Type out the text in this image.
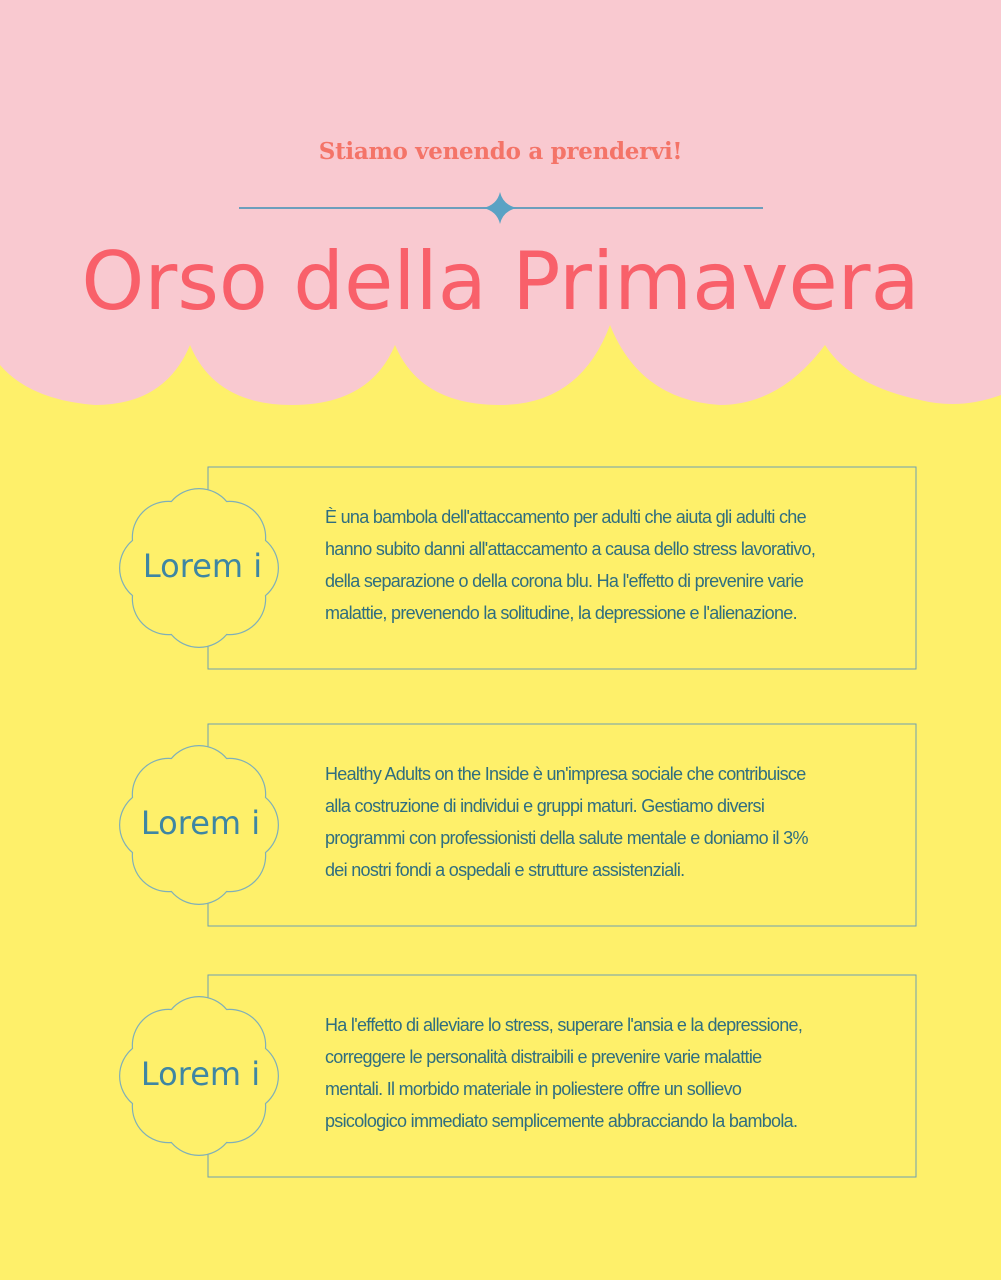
Stiamo venendo a prendervi!
Orso della Primavera
Lorem i
È una bambola dell'attaccamento per adulti che aiuta gli adulti che
hanno subito danni all'attaccamento a causa dello stress lavorativo,
della separazione o della corona blu. Ha l'effetto di prevenire varie
malattie, prevenendo la solitudine, la depressione e l'alienazione.
Lorem i
Healthy Adults on the Inside è un'impresa sociale che contribuisce
alla costruzione di individui e gruppi maturi. Gestiamo diversi
programmi con professionisti della salute mentale e doniamo il 3%
dei nostri fondi a ospedali e strutture assistenziali.
Lorem i
Ha l'effetto di alleviare lo stress, superare l'ansia e la depressione,
correggere le personalità distraibili e prevenire varie malattie
mentali. Il morbido materiale in poliestere offre un sollievo
psicologico immediato semplicemente abbracciando la bambola.
